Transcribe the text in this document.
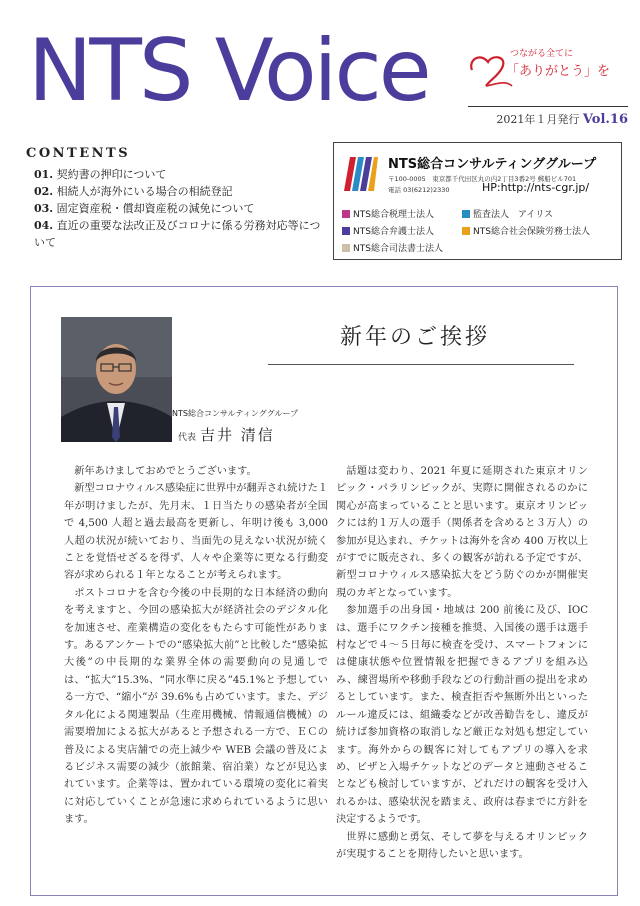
NTS Voice	つながる全てに
「ありがとう」を
2021年１月発行 Vol.16
CONTENTS
01. 契約書の押印について
02. 相続人が海外にいる場合の相続登記
03. 固定資産税・償却資産税の減免について
04. 直近の重要な法改正及びコロナに係る労務対応等について
NTS総合コンサルティンググループ
〒100-0005　東京都千代田区丸の内2丁目3番2号 郵船ビル701
電話 03(6212)2330	HP:http://nts-cgr.jp/
NTS総合税理士法人	監査法人　アイリス
NTS総合弁護士法人	NTS総合社会保険労務士法人
NTS総合司法書士法人
新年のご挨拶
NTS総合コンサルティンググループ
代表 吉井 清信

新年あけましておめでとうございます。

新型コロナウィルス感染症に世界中が翻弄され続けた１年が明けましたが、先月末、１日当たりの感染者が全国で 4,500 人超と過去最高を更新し、年明け後も 3,000 人超の状況が続いており、当面先の見えない状況が続くことを覚悟せざるを得ず、人々や企業等に更なる行動変容が求められる１年となることが考えられます。

ポストコロナを含む今後の中長期的な日本経済の動向を考えますと、今回の感染拡大が経済社会のデジタル化を加速させ、産業構造の変化をもたらす可能性があります。あるアンケートでの“感染拡大前”と比較した“感染拡大後”の中長期的な業界全体の需要動向の見通しでは、“拡大”15.3%、“同水準に戻る”45.1%と予想している一方で、“縮小”が 39.6%も占めています。また、デジタル化による関連製品（生産用機械、情報通信機械）の需要増加による拡大があると予想される一方で、ＥＣの普及による実店舗での売上減少や WEB 会議の普及によるビジネス需要の減少（旅館業、宿泊業）などが見込まれています。企業等は、置かれている環境の変化に着実に対応していくことが急速に求められているように思います。

話題は変わり、2021 年夏に延期された東京オリンピック・パラリンピックが、実際に開催されるのかに関心が高まっていることと思います。東京オリンピックには約１万人の選手（関係者を含めると３万人）の参加が見込まれ、チケットは海外を含め 400 万枚以上がすでに販売され、多くの観客が訪れる予定ですが、新型コロナウィルス感染拡大をどう防ぐのかが開催実現のカギとなっています。

参加選手の出身国・地域は 200 前後に及び、IOC は、選手にワクチン接種を推奨、入国後の選手は選手村などで４～５日毎に検査を受け、スマートフォンには健康状態や位置情報を把握できるアプリを組み込み、練習場所や移動手段などの行動計画の提出を求めるとしています。また、検査拒否や無断外出といったルール違反には、組織委などが改善勧告をし、違反が続けば参加資格の取消しなど厳正な対処も想定しています。海外からの観客に対してもアプリの導入を求め、ビザと入場チケットなどのデータと連動させることなども検討していますが、どれだけの観客を受け入れるかは、感染状況を踏まえ、政府は春までに方針を決定するようです。

世界に感動と勇気、そして夢を与えるオリンピックが実現することを期待したいと思います。
